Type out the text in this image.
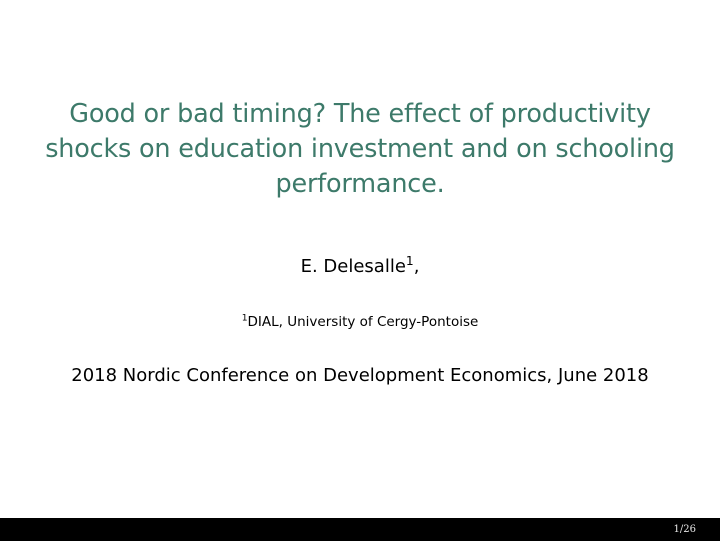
Good or bad timing? The effect of productivity
shocks on education investment and on schooling
performance.
E. Delesalle$^1$,
$^1$DIAL, University of Cergy-Pontoise
2018 Nordic Conference on Development Economics, June 2018
1/26
